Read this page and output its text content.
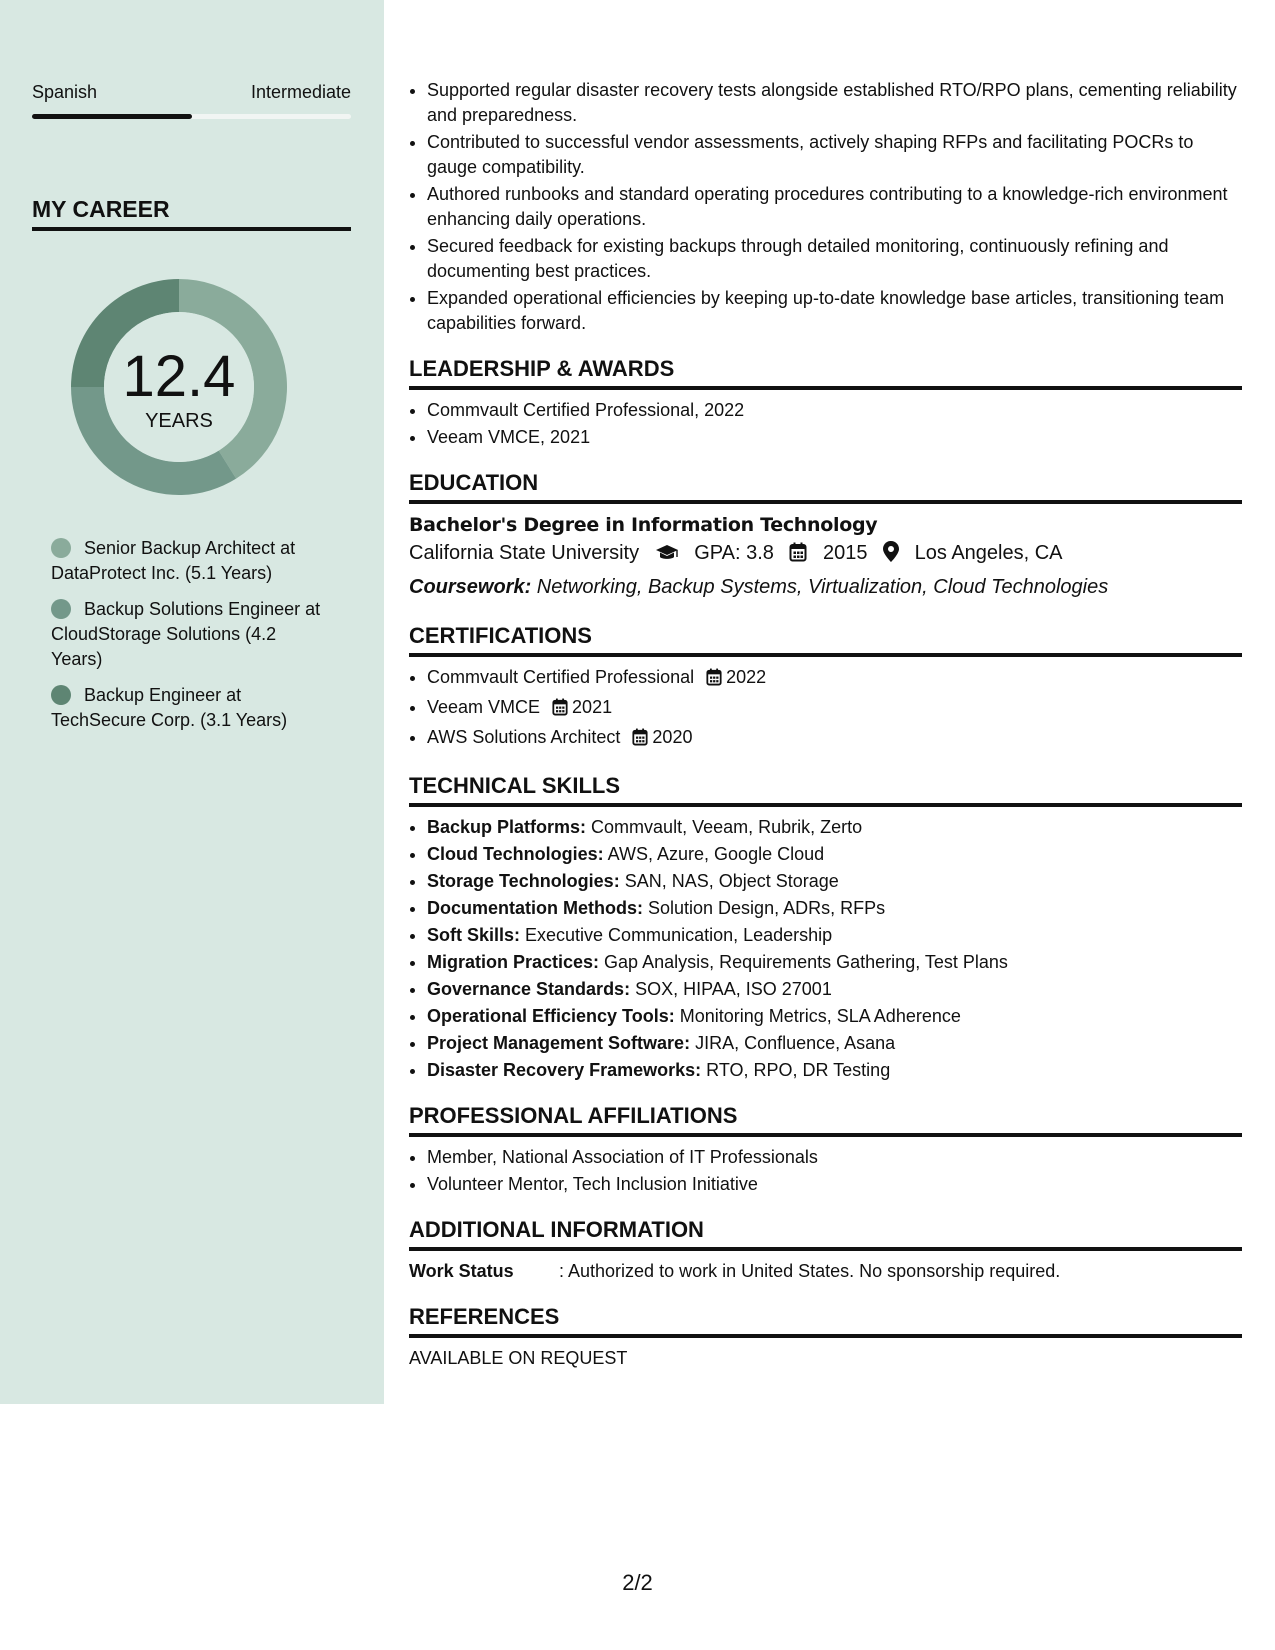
Spanish	Intermediate
MY CAREER
12.4
YEARS
Senior Backup Architect at DataProtect Inc. (5.1 Years)
Backup Solutions Engineer at CloudStorage Solutions (4.2 Years)
Backup Engineer at TechSecure Corp. (3.1 Years)
• Supported regular disaster recovery tests alongside established RTO/RPO plans, cementing reliability and preparedness.
• Contributed to successful vendor assessments, actively shaping RFPs and facilitating POCRs to gauge compatibility.
• Authored runbooks and standard operating procedures contributing to a knowledge-rich environment enhancing daily operations.
• Secured feedback for existing backups through detailed monitoring, continuously refining and documenting best practices.
• Expanded operational efficiencies by keeping up-to-date knowledge base articles, transitioning team capabilities forward.
LEADERSHIP & AWARDS
• Commvault Certified Professional, 2022
• Veeam VMCE, 2021
EDUCATION
Bachelor's Degree in Information Technology
California State University	GPA: 3.8 2015 Los Angeles, CA
Coursework: Networking, Backup Systems, Virtualization, Cloud Technologies
CERTIFICATIONS
• Commvault Certified Professional 2022
• Veeam VMCE 2021
• AWS Solutions Architect 2020
TECHNICAL SKILLS
• Backup Platforms: Commvault, Veeam, Rubrik, Zerto
• Cloud Technologies: AWS, Azure, Google Cloud
• Storage Technologies: SAN, NAS, Object Storage
• Documentation Methods: Solution Design, ADRs, RFPs
• Soft Skills: Executive Communication, Leadership
• Migration Practices: Gap Analysis, Requirements Gathering, Test Plans
• Governance Standards: SOX, HIPAA, ISO 27001
• Operational Efficiency Tools: Monitoring Metrics, SLA Adherence
• Project Management Software: JIRA, Confluence, Asana
• Disaster Recovery Frameworks: RTO, RPO, DR Testing
PROFESSIONAL AFFILIATIONS
• Member, National Association of IT Professionals
• Volunteer Mentor, Tech Inclusion Initiative
ADDITIONAL INFORMATION
Work Status	: Authorized to work in United States. No sponsorship required.
REFERENCES
AVAILABLE ON REQUEST
2/2
